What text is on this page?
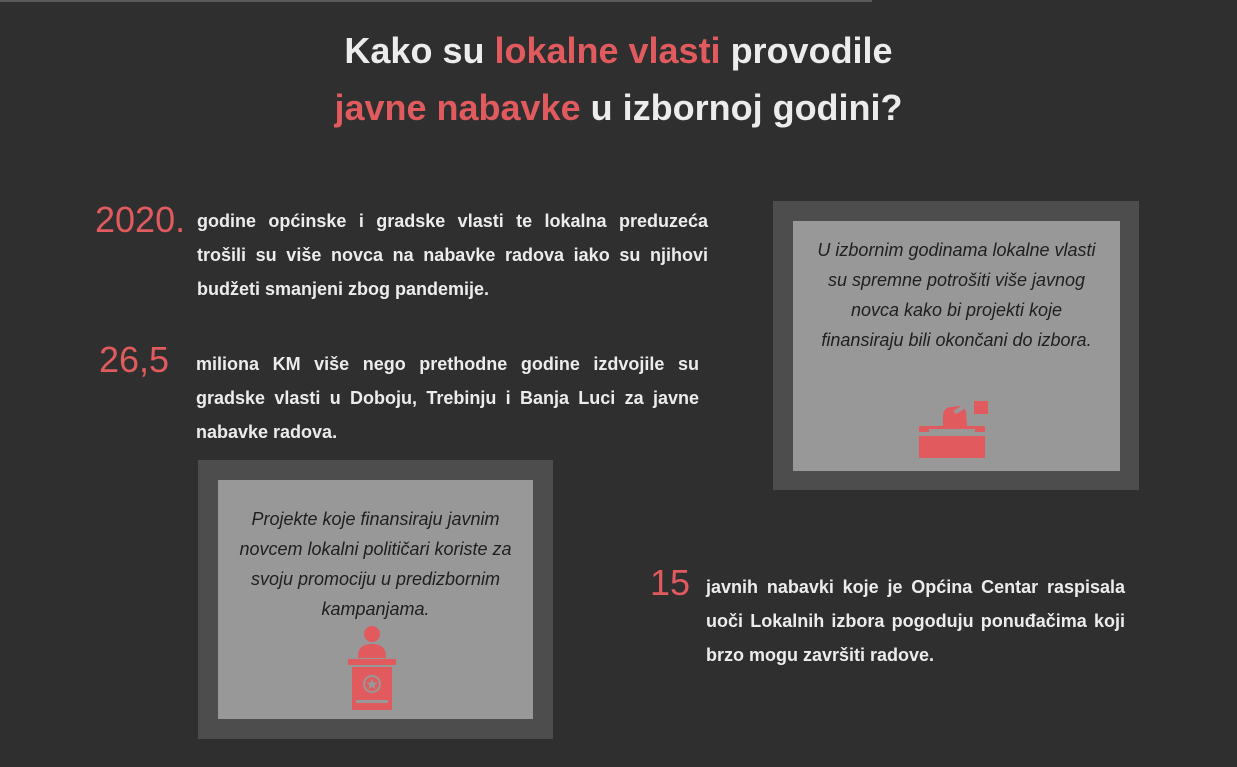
Kako su lokalne vlasti provodile
javne nabavke u izbornoj godini?
2020. godine općinske i gradske vlasti te lokalna preduzeća trošili su više novca na nabavke radova iako su njihovi budžeti smanjeni zbog pandemije.
26,5 miliona KM više nego prethodne godine izdvojile su gradske vlasti u Doboju, Trebinju i Banja Luci za javne nabavke radova.
15 javnih nabavki koje je Općina Centar raspisala uoči Lokalnih izbora pogoduju ponuđačima koji brzo mogu završiti radove.
U izbornim godinama lokalne vlasti su spremne potrošiti više javnog novca kako bi projekti koje finansiraju bili okončani do izbora.
Projekte koje finansiraju javnim novcem lokalni političari koriste za svoju promociju u predizbornim kampanjama.
